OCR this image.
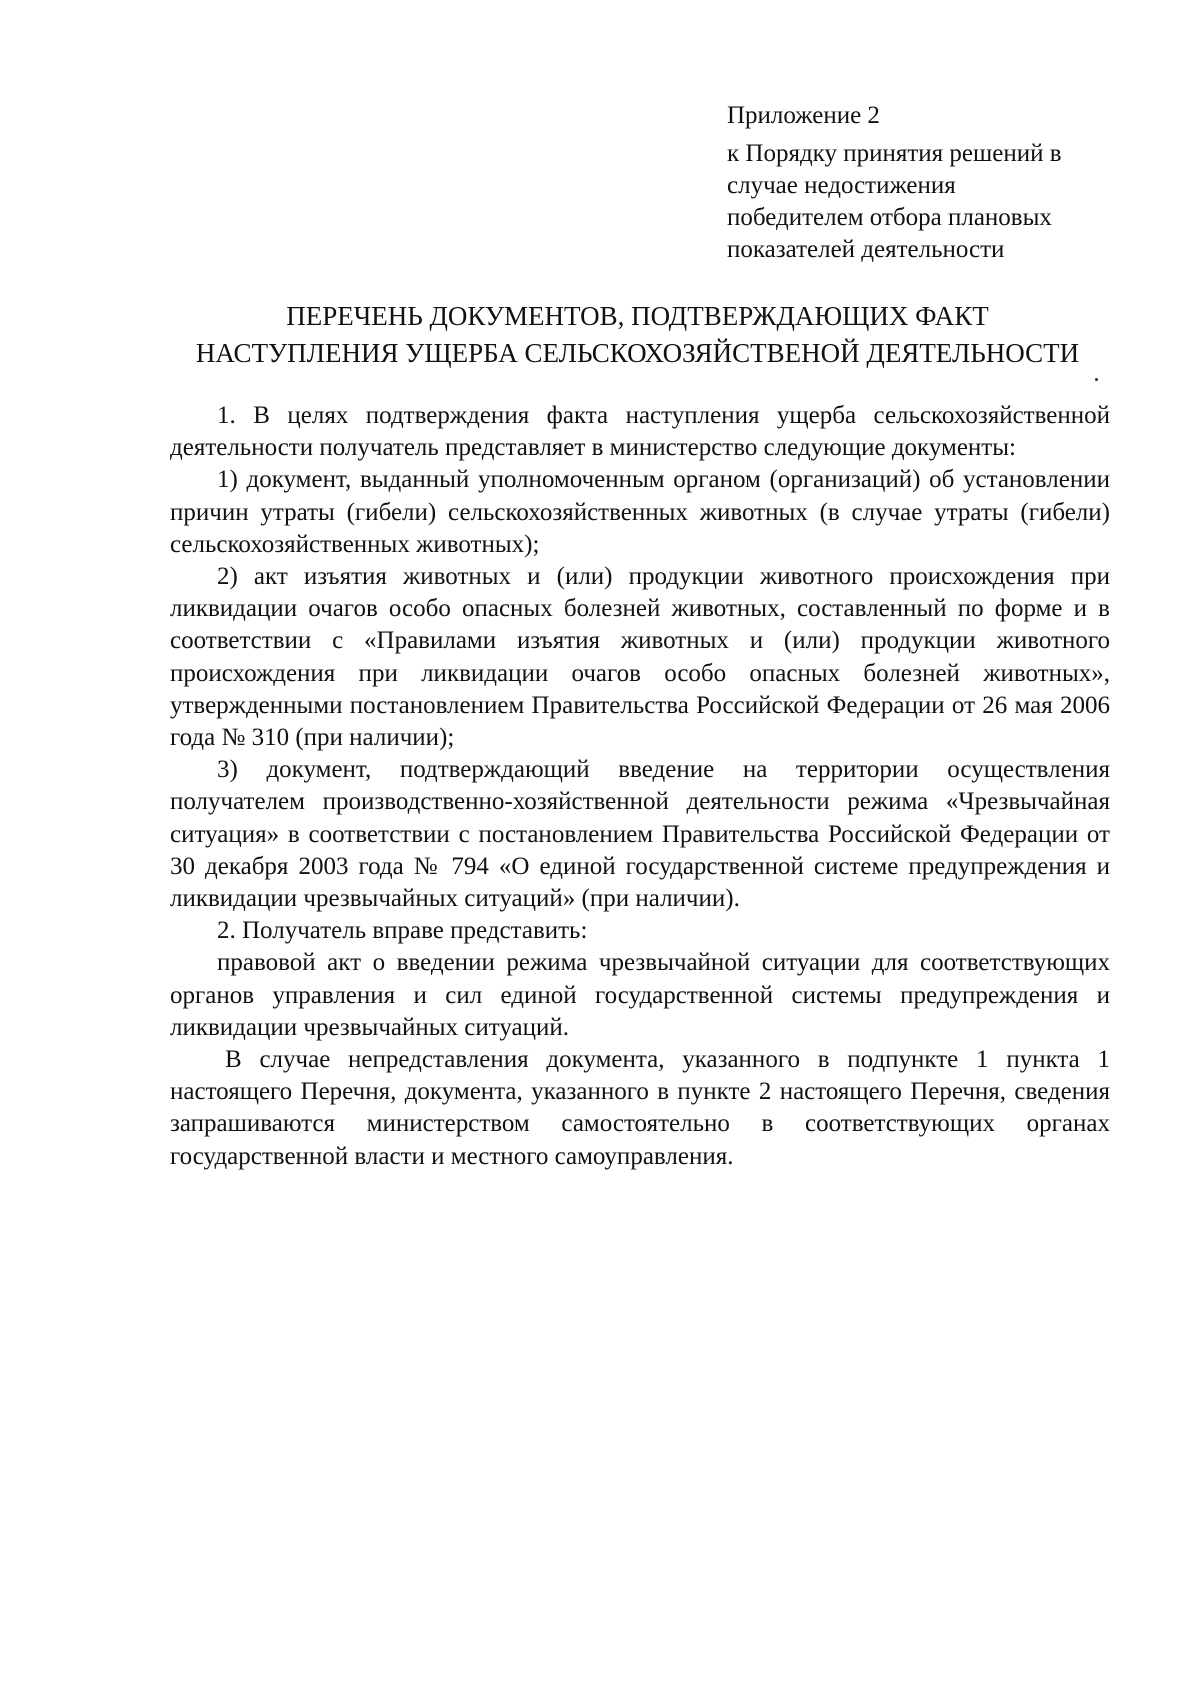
Приложение 2
к Порядку принятия решений в
случае недостижения
победителем отбора плановых
показателей деятельности
ПЕРЕЧЕНЬ ДОКУМЕНТОВ, ПОДТВЕРЖДАЮЩИХ ФАКТ
НАСТУПЛЕНИЯ УЩЕРБА СЕЛЬСКОХОЗЯЙСТВЕНОЙ ДЕЯТЕЛЬНОСТИ

1. В целях подтверждения факта наступления ущерба сельскохозяйственной деятельности получатель представляет в министерство следующие документы:

1) документ, выданный уполномоченным органом (организаций) об установлении причин утраты (гибели) сельскохозяйственных животных (в случае утраты (гибели) сельскохозяйственных животных);

2) акт изъятия животных и (или) продукции животного происхождения при ликвидации очагов особо опасных болезней животных, составленный по форме и в соответствии с «Правилами изъятия животных и (или) продукции животного происхождения при ликвидации очагов особо опасных болезней животных», утвержденными постановлением Правительства Российской Федерации от 26 мая 2006 года № 310 (при наличии);

3) документ, подтверждающий введение на территории осуществления получателем производственно-хозяйственной деятельности режима «Чрезвычайная ситуация» в соответствии с постановлением Правительства Российской Федерации от 30 декабря 2003 года № 794 «О единой государственной системе предупреждения и ликвидации чрезвычайных ситуаций» (при наличии).

2. Получатель вправе представить:

правовой акт о введении режима чрезвычайной ситуации для соответствующих органов управления и сил единой государственной системы предупреждения и ликвидации чрезвычайных ситуаций.

В случае непредставления документа, указанного в подпункте 1 пункта 1 настоящего Перечня, документа, указанного в пункте 2 настоящего Перечня, сведения запрашиваются министерством самостоятельно в соответствующих органах государственной власти и местного самоуправления.
